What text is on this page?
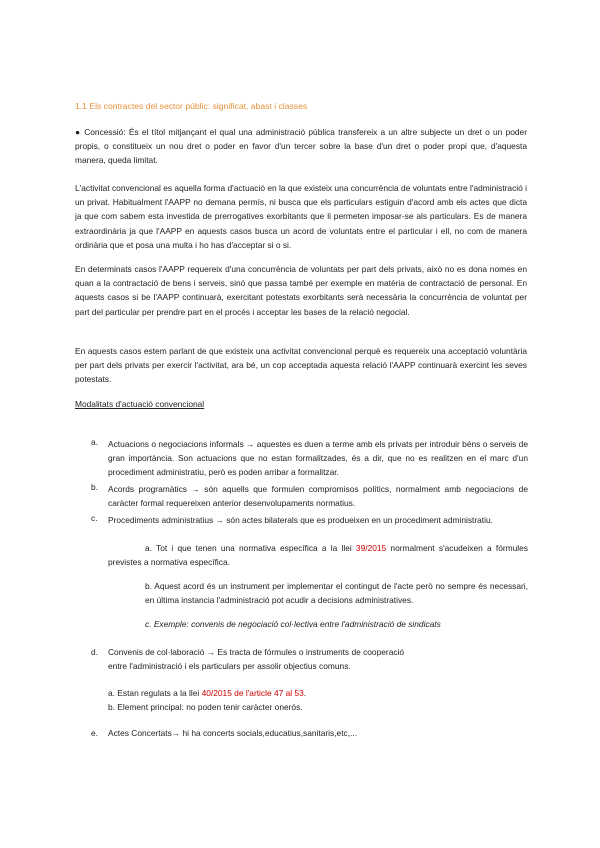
1.1 Els contractes del sector públic: significat, abast i classes
● Concessió: És el títol mitjançant el qual una administració pública transfereix a un altre subjecte un dret o un poder propis, o constitueix un nou dret o poder en favor d'un tercer sobre la base d'un dret o poder propi que, d'aquesta manera, queda limitat.
L'activitat convencional es aquella forma d'actuació en la que existeix una concurrència de voluntats entre l'administració i un privat. Habitualment l'AAPP no demana permís, ni busca que els particulars estiguin d'acord amb els actes que dicta ja que com sabem esta investida de prerrogatives exorbitants que li permeten imposar-se als particulars. Es de manera extraordinària ja que l'AAPP en aquests casos busca un acord de voluntats entre el particular i ell, no com de manera ordinària que et posa una multa i ho has d'acceptar si o si.
En determinats casos l'AAPP requereix d'una concurrència de voluntats per part dels privats, això no es dona nomes en quan a la contractació de bens i serveis, sinó que passa també per exemple en matèria de contractació de personal. En aquests casos si be l'AAPP continuarà, exercitant potestats exorbitants serà necessària la concurrència de voluntat per part del particular per prendre part en el procés i acceptar les bases de la relació negocial.
En aquests casos estem parlant de que existeix una activitat convencional perquè es requereix una acceptació voluntària per part dels privats per exercir l'activitat, ara bé, un cop acceptada aquesta relació l'AAPP continuarà exercint les seves potestats.
Modalitats d'actuació convencional
a. Actuacions o negociacions informals → aquestes es duen a terme amb els privats per introduir béns o serveis de gran importància. Son actuacions que no estan formalitzades, és a dir, que no es realitzen en el marc d'un procediment administratiu, però es poden arribar a formalitzar.
b. Acords programàtics → són aquells que formulen compromisos polítics, normalment amb negociacions de caràcter formal requereixen anterior desenvolupaments normatius.
c. Procediments administratius → són actes bilaterals que es produeixen en un procediment administratiu.
a. Tot i que tenen una normativa específica a la llei 39/2015 normalment s'acudeixen a fórmules previstes a normativa específica.
b. Aquest acord és un instrument per implementar el contingut de l'acte però no sempre és necessari, en última instancia l'administració pot acudir a decisions administratives.
c. Exemple: convenis de negociació col·lectiva entre l'administració de sindicats
d. Convenis de col·laboració → Es tracta de fórmules o instruments de cooperació
entre l'administració i els particulars per assolir objectius comuns.
a. Estan regulats a la llei 40/2015 de l'article 47 al 53.
b. Element principal: no poden tenir caràcter onerós.
e. Actes Concertats→ hi ha concerts socials,educatius,sanitaris,etc,...
